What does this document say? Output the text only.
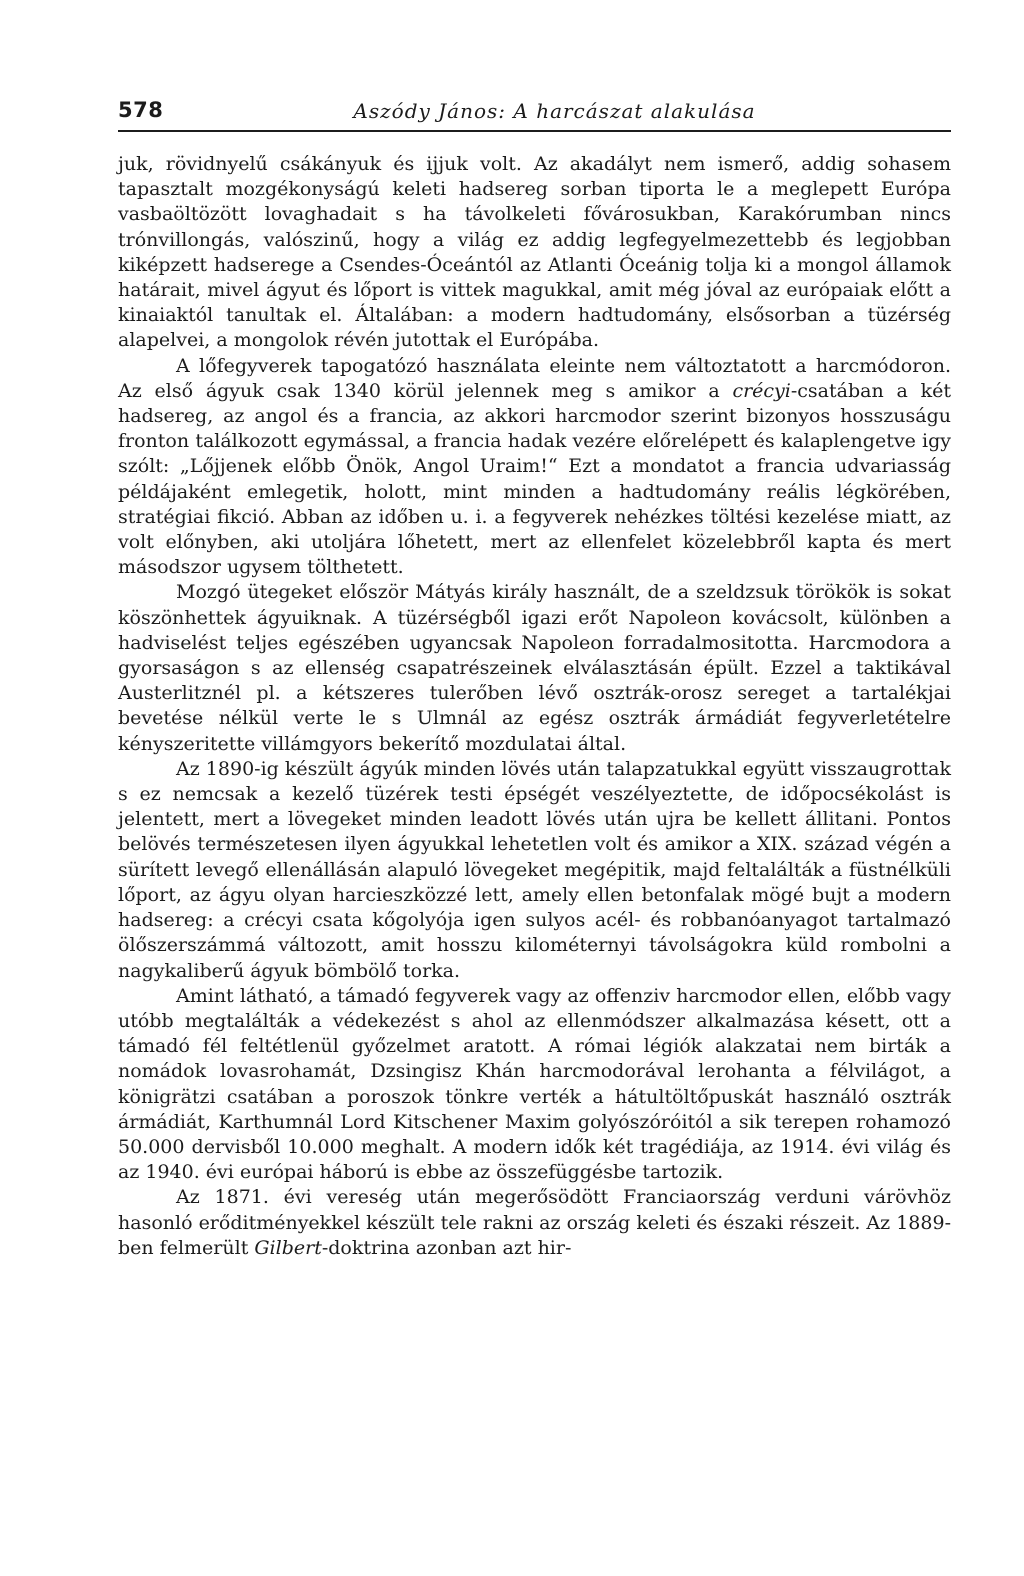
578	Aszódy János: A harcászat alakulása

juk, rövidnyelű csákányuk és ijjuk volt. Az akadályt nem ismerő, addig sohasem tapasztalt mozgékonyságú keleti hadsereg sorban tiporta le a meglepett Európa vasbaöltözött lovaghadait s ha távolkeleti fővárosukban, Karakórumban nincs trónvillongás, valószinű, hogy a világ ez addig legfegyelmezettebb és legjobban kiképzett hadserege a Csendes-Óceántól az Atlanti Óceánig tolja ki a mongol államok határait, mivel ágyut és lőport is vittek magukkal, amit még jóval az európaiak előtt a kinaiaktól tanultak el. Általában: a modern hadtudomány, elsősorban a tüzérség alapelvei, a mongolok révén jutottak el Európába.

A lőfegyverek tapogatózó használata eleinte nem változtatott a harcmódoron. Az első ágyuk csak 1340 körül jelennek meg s amikor a crécyi-csatában a két hadsereg, az angol és a francia, az akkori harcmodor szerint bizonyos hosszuságu fronton találkozott egymással, a francia hadak vezére előrelépett és kalaplengetve igy szólt: „Lőjjenek előbb Önök, Angol Uraim!“ Ezt a mondatot a francia udvariasság példájaként emlegetik, holott, mint minden a hadtudomány reális légkörében, stratégiai fikció. Abban az időben u. i. a fegyverek nehézkes töltési kezelése miatt, az volt előnyben, aki utoljára lőhetett, mert az ellenfelet közelebbről kapta és mert másodszor ugysem tölthetett.

Mozgó ütegeket először Mátyás király használt, de a szeldzsuk törökök is sokat köszönhettek ágyuiknak. A tüzérségből igazi erőt Napoleon kovácsolt, különben a hadviselést teljes egészében ugyancsak Napoleon forradalmositotta. Harcmodora a gyorsaságon s az ellenség csapatrészeinek elválasztásán épült. Ezzel a taktikával Austerlitznél pl. a kétszeres tulerőben lévő osztrák-orosz sereget a tartalékjai bevetése nélkül verte le s Ulmnál az egész osztrák ármádiát fegyverletételre kényszeritette villámgyors bekerítő mozdulatai által.

Az 1890-ig készült ágyúk minden lövés után talapzatukkal együtt visszaugrottak s ez nemcsak a kezelő tüzérek testi épségét veszélyeztette, de időpocsékolást is jelentett, mert a lövegeket minden leadott lövés után ujra be kellett állitani. Pontos belövés természetesen ilyen ágyukkal lehetetlen volt és amikor a XIX. század végén a sürített levegő ellenállásán alapuló lövegeket megépitik, majd feltalálták a füstnélküli lőport, az ágyu olyan harcieszközzé lett, amely ellen betonfalak mögé bujt a modern hadsereg: a crécyi csata kőgolyója igen sulyos acél- és robbanóanyagot tartalmazó ölőszerszámmá változott, amit hosszu kilométernyi távolságokra küld rombolni a nagykaliberű ágyuk bömbölő torka.

Amint látható, a támadó fegyverek vagy az offenziv harcmodor ellen, előbb vagy utóbb megtalálták a védekezést s ahol az ellenmódszer alkalmazása késett, ott a támadó fél feltétlenül győzelmet aratott. A római légiók alakzatai nem birták a nomádok lovasrohamát, Dzsingisz Khán harcmodorával lerohanta a félvilágot, a königrätzi csatában a poroszok tönkre verték a hátultöltőpuskát használó osztrák ármádiát, Karthumnál Lord Kitschener Maxim golyószóróitól a sik terepen rohamozó 50.000 dervisből 10.000 meghalt. A modern idők két tragédiája, az 1914. évi világ és az 1940. évi európai háború is ebbe az összefüggésbe tartozik.

Az 1871. évi vereség után megerősödött Franciaország verduni várövhöz hasonló erőditményekkel készült tele rakni az ország keleti és északi részeit. Az 1889-ben felmerült Gilbert-doktrina azonban azt hir-
